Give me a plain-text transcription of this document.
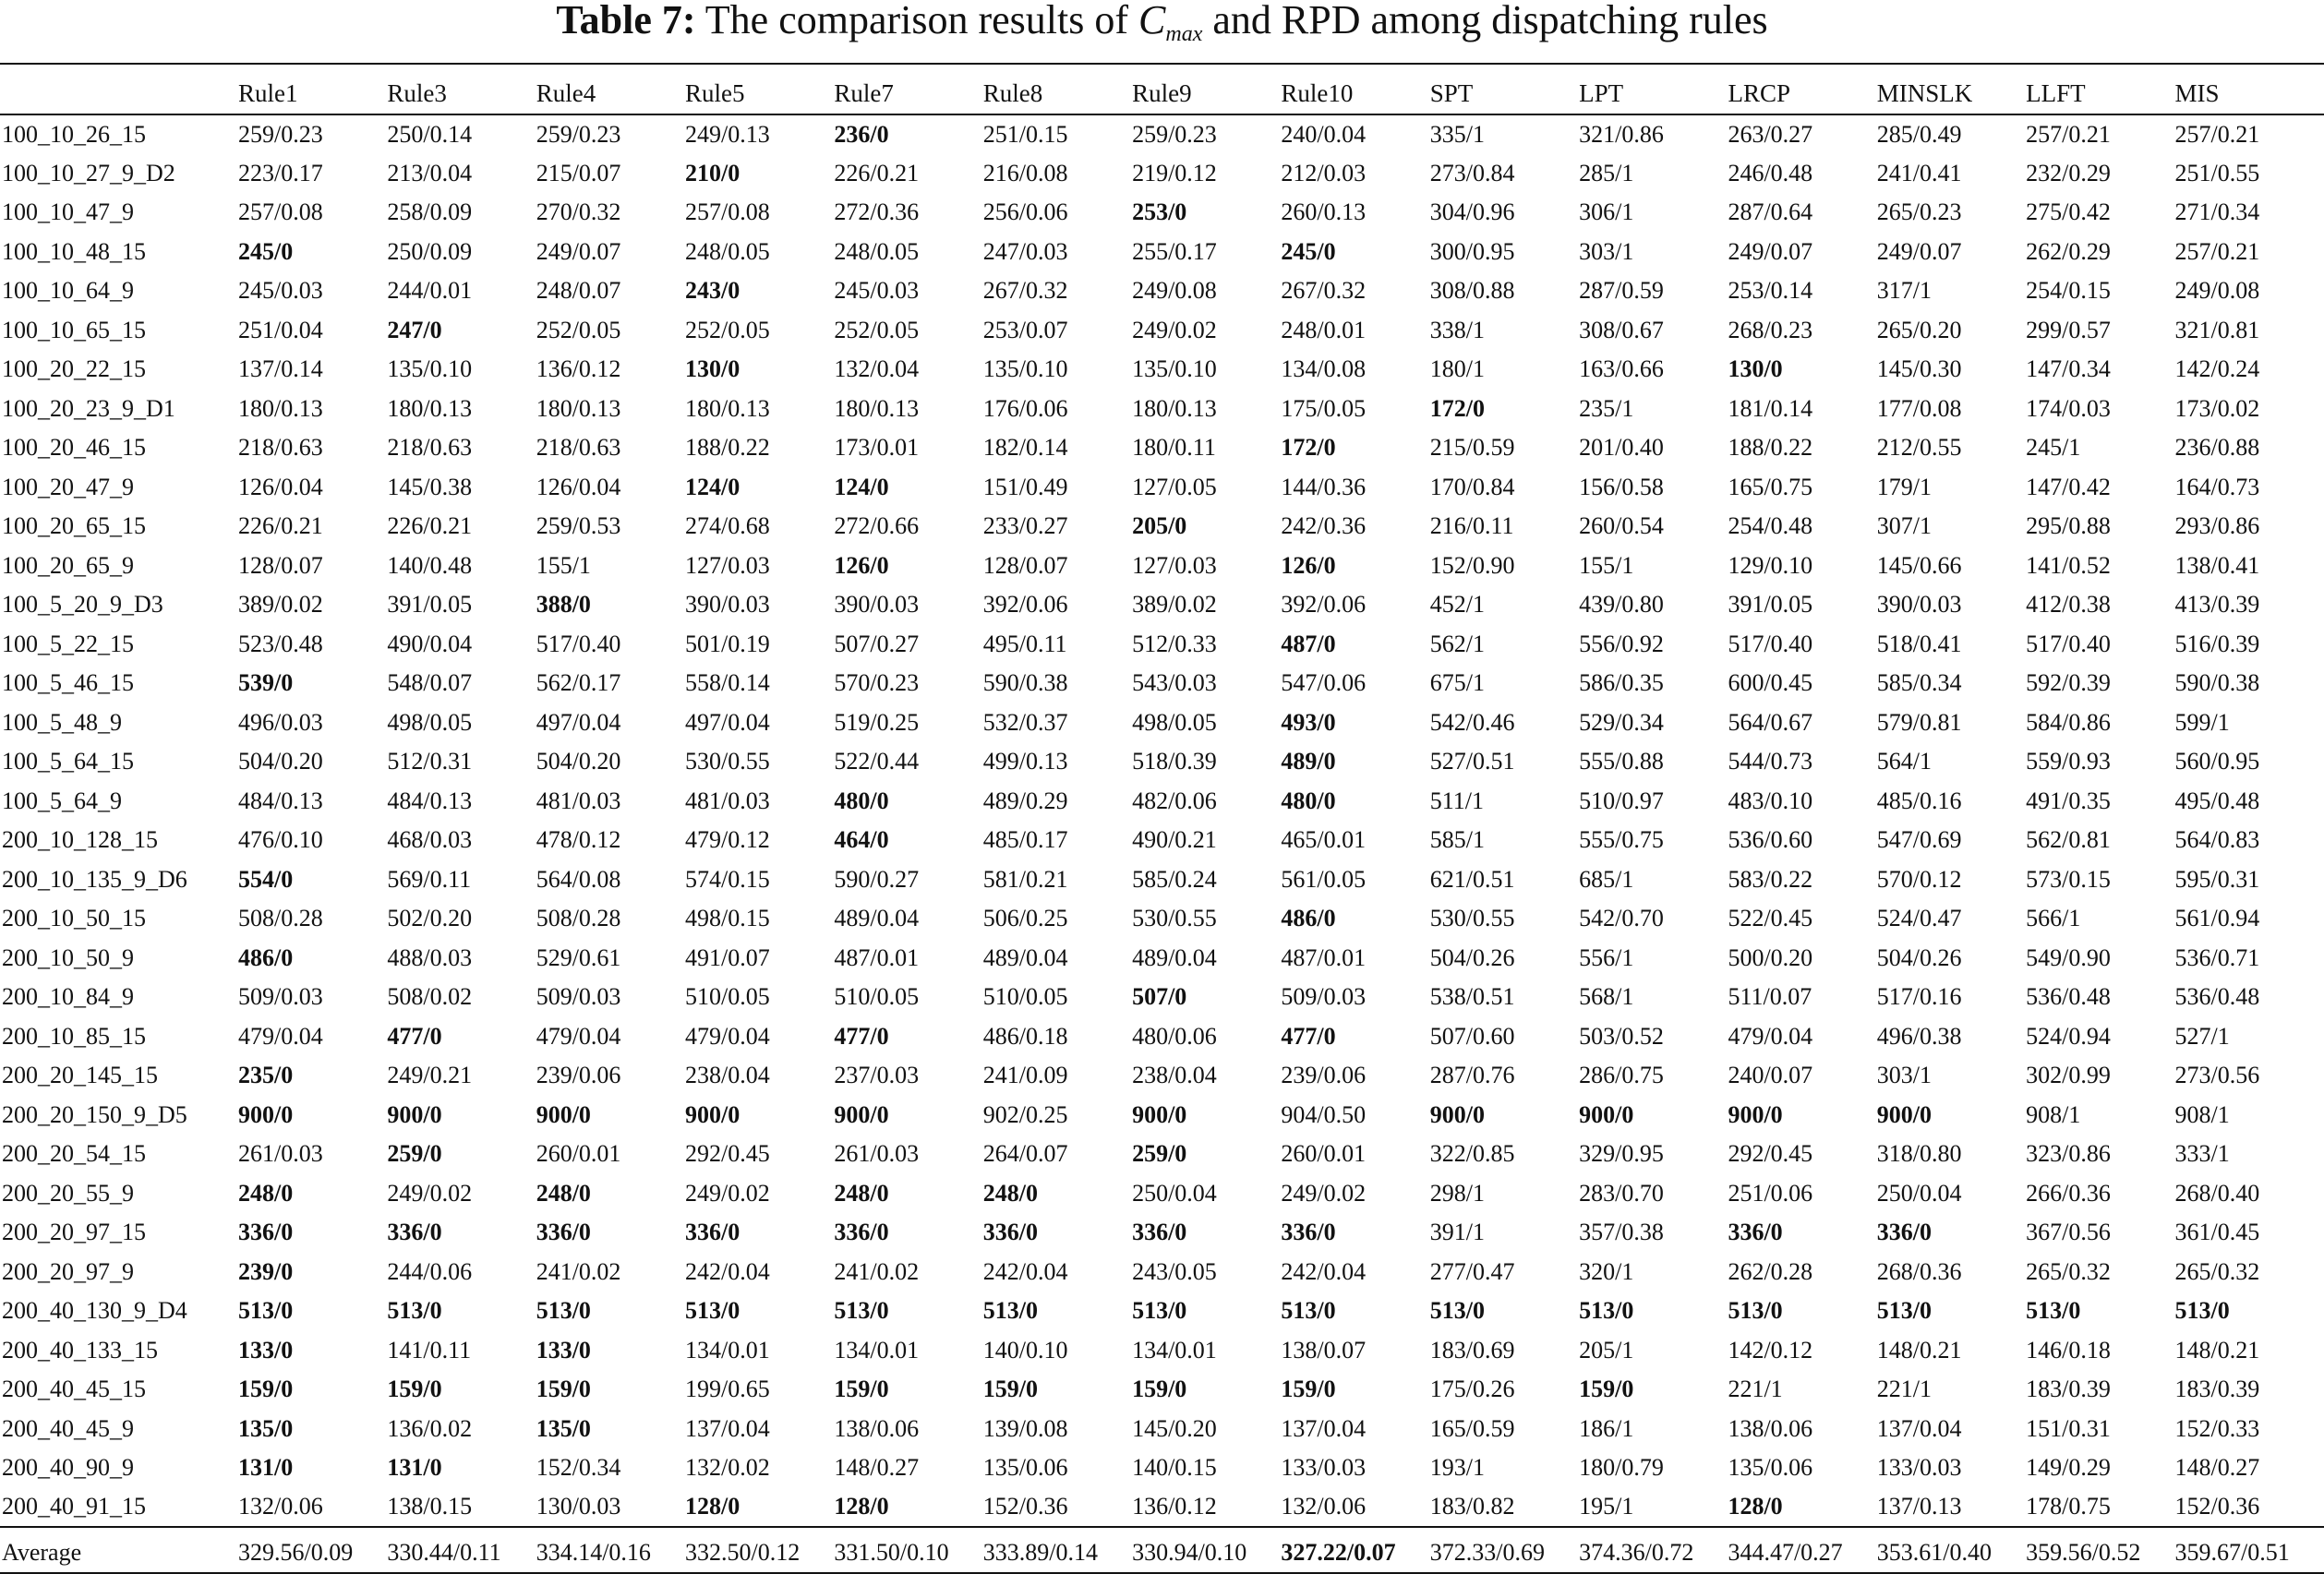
Table 7: The comparison results of $C_{max}$ and RPD among dispatching rules
	Rule1	Rule3	Rule4	Rule5	Rule7	Rule8	Rule9	Rule10	SPT	LPT	LRCP	MINSLK	LLFT	MIS
100_10_26_15	259/0.23	250/0.14	259/0.23	249/0.13	236/0	251/0.15	259/0.23	240/0.04	335/1	321/0.86	263/0.27	285/0.49	257/0.21	257/0.21
100_10_27_9_D2	223/0.17	213/0.04	215/0.07	210/0	226/0.21	216/0.08	219/0.12	212/0.03	273/0.84	285/1	246/0.48	241/0.41	232/0.29	251/0.55
100_10_47_9	257/0.08	258/0.09	270/0.32	257/0.08	272/0.36	256/0.06	253/0	260/0.13	304/0.96	306/1	287/0.64	265/0.23	275/0.42	271/0.34
100_10_48_15	245/0	250/0.09	249/0.07	248/0.05	248/0.05	247/0.03	255/0.17	245/0	300/0.95	303/1	249/0.07	249/0.07	262/0.29	257/0.21
100_10_64_9	245/0.03	244/0.01	248/0.07	243/0	245/0.03	267/0.32	249/0.08	267/0.32	308/0.88	287/0.59	253/0.14	317/1	254/0.15	249/0.08
100_10_65_15	251/0.04	247/0	252/0.05	252/0.05	252/0.05	253/0.07	249/0.02	248/0.01	338/1	308/0.67	268/0.23	265/0.20	299/0.57	321/0.81
100_20_22_15	137/0.14	135/0.10	136/0.12	130/0	132/0.04	135/0.10	135/0.10	134/0.08	180/1	163/0.66	130/0	145/0.30	147/0.34	142/0.24
100_20_23_9_D1	180/0.13	180/0.13	180/0.13	180/0.13	180/0.13	176/0.06	180/0.13	175/0.05	172/0	235/1	181/0.14	177/0.08	174/0.03	173/0.02
100_20_46_15	218/0.63	218/0.63	218/0.63	188/0.22	173/0.01	182/0.14	180/0.11	172/0	215/0.59	201/0.40	188/0.22	212/0.55	245/1	236/0.88
100_20_47_9	126/0.04	145/0.38	126/0.04	124/0	124/0	151/0.49	127/0.05	144/0.36	170/0.84	156/0.58	165/0.75	179/1	147/0.42	164/0.73
100_20_65_15	226/0.21	226/0.21	259/0.53	274/0.68	272/0.66	233/0.27	205/0	242/0.36	216/0.11	260/0.54	254/0.48	307/1	295/0.88	293/0.86
100_20_65_9	128/0.07	140/0.48	155/1	127/0.03	126/0	128/0.07	127/0.03	126/0	152/0.90	155/1	129/0.10	145/0.66	141/0.52	138/0.41
100_5_20_9_D3	389/0.02	391/0.05	388/0	390/0.03	390/0.03	392/0.06	389/0.02	392/0.06	452/1	439/0.80	391/0.05	390/0.03	412/0.38	413/0.39
100_5_22_15	523/0.48	490/0.04	517/0.40	501/0.19	507/0.27	495/0.11	512/0.33	487/0	562/1	556/0.92	517/0.40	518/0.41	517/0.40	516/0.39
100_5_46_15	539/0	548/0.07	562/0.17	558/0.14	570/0.23	590/0.38	543/0.03	547/0.06	675/1	586/0.35	600/0.45	585/0.34	592/0.39	590/0.38
100_5_48_9	496/0.03	498/0.05	497/0.04	497/0.04	519/0.25	532/0.37	498/0.05	493/0	542/0.46	529/0.34	564/0.67	579/0.81	584/0.86	599/1
100_5_64_15	504/0.20	512/0.31	504/0.20	530/0.55	522/0.44	499/0.13	518/0.39	489/0	527/0.51	555/0.88	544/0.73	564/1	559/0.93	560/0.95
100_5_64_9	484/0.13	484/0.13	481/0.03	481/0.03	480/0	489/0.29	482/0.06	480/0	511/1	510/0.97	483/0.10	485/0.16	491/0.35	495/0.48
200_10_128_15	476/0.10	468/0.03	478/0.12	479/0.12	464/0	485/0.17	490/0.21	465/0.01	585/1	555/0.75	536/0.60	547/0.69	562/0.81	564/0.83
200_10_135_9_D6	554/0	569/0.11	564/0.08	574/0.15	590/0.27	581/0.21	585/0.24	561/0.05	621/0.51	685/1	583/0.22	570/0.12	573/0.15	595/0.31
200_10_50_15	508/0.28	502/0.20	508/0.28	498/0.15	489/0.04	506/0.25	530/0.55	486/0	530/0.55	542/0.70	522/0.45	524/0.47	566/1	561/0.94
200_10_50_9	486/0	488/0.03	529/0.61	491/0.07	487/0.01	489/0.04	489/0.04	487/0.01	504/0.26	556/1	500/0.20	504/0.26	549/0.90	536/0.71
200_10_84_9	509/0.03	508/0.02	509/0.03	510/0.05	510/0.05	510/0.05	507/0	509/0.03	538/0.51	568/1	511/0.07	517/0.16	536/0.48	536/0.48
200_10_85_15	479/0.04	477/0	479/0.04	479/0.04	477/0	486/0.18	480/0.06	477/0	507/0.60	503/0.52	479/0.04	496/0.38	524/0.94	527/1
200_20_145_15	235/0	249/0.21	239/0.06	238/0.04	237/0.03	241/0.09	238/0.04	239/0.06	287/0.76	286/0.75	240/0.07	303/1	302/0.99	273/0.56
200_20_150_9_D5	900/0	900/0	900/0	900/0	900/0	902/0.25	900/0	904/0.50	900/0	900/0	900/0	900/0	908/1	908/1
200_20_54_15	261/0.03	259/0	260/0.01	292/0.45	261/0.03	264/0.07	259/0	260/0.01	322/0.85	329/0.95	292/0.45	318/0.80	323/0.86	333/1
200_20_55_9	248/0	249/0.02	248/0	249/0.02	248/0	248/0	250/0.04	249/0.02	298/1	283/0.70	251/0.06	250/0.04	266/0.36	268/0.40
200_20_97_15	336/0	336/0	336/0	336/0	336/0	336/0	336/0	336/0	391/1	357/0.38	336/0	336/0	367/0.56	361/0.45
200_20_97_9	239/0	244/0.06	241/0.02	242/0.04	241/0.02	242/0.04	243/0.05	242/0.04	277/0.47	320/1	262/0.28	268/0.36	265/0.32	265/0.32
200_40_130_9_D4	513/0	513/0	513/0	513/0	513/0	513/0	513/0	513/0	513/0	513/0	513/0	513/0	513/0	513/0
200_40_133_15	133/0	141/0.11	133/0	134/0.01	134/0.01	140/0.10	134/0.01	138/0.07	183/0.69	205/1	142/0.12	148/0.21	146/0.18	148/0.21
200_40_45_15	159/0	159/0	159/0	199/0.65	159/0	159/0	159/0	159/0	175/0.26	159/0	221/1	221/1	183/0.39	183/0.39
200_40_45_9	135/0	136/0.02	135/0	137/0.04	138/0.06	139/0.08	145/0.20	137/0.04	165/0.59	186/1	138/0.06	137/0.04	151/0.31	152/0.33
200_40_90_9	131/0	131/0	152/0.34	132/0.02	148/0.27	135/0.06	140/0.15	133/0.03	193/1	180/0.79	135/0.06	133/0.03	149/0.29	148/0.27
200_40_91_15	132/0.06	138/0.15	130/0.03	128/0	128/0	152/0.36	136/0.12	132/0.06	183/0.82	195/1	128/0	137/0.13	178/0.75	152/0.36
Average	329.56/0.09	330.44/0.11	334.14/0.16	332.50/0.12	331.50/0.10	333.89/0.14	330.94/0.10	327.22/0.07	372.33/0.69	374.36/0.72	344.47/0.27	353.61/0.40	359.56/0.52	359.67/0.51
